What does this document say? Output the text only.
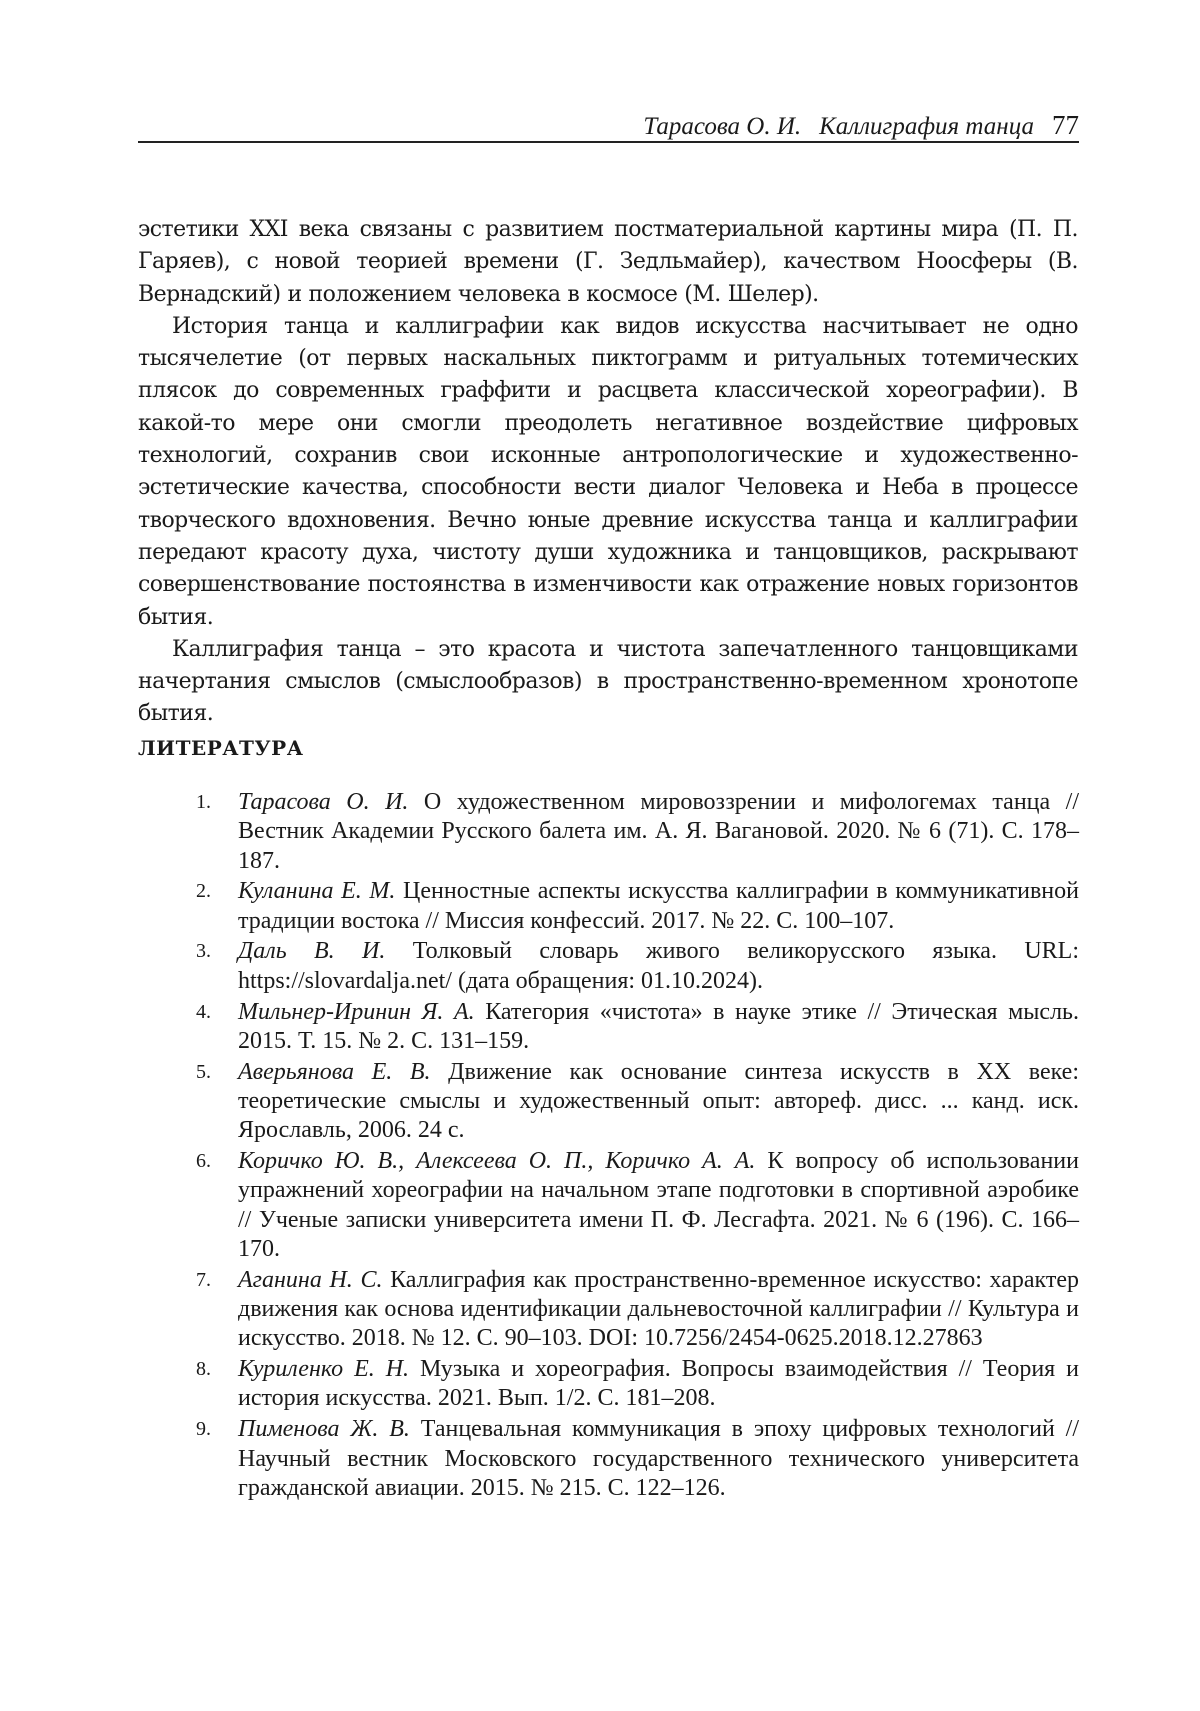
Тарасова О. И. Каллиграфия танца 77

эстетики XXI века связаны с развитием постматериальной картины мира (П. П. Гаряев), с новой теорией времени (Г. Зедльмайер), качеством Ноосферы (В. Вернадский) и положением человека в космосе (М. Шелер).

История танца и каллиграфии как видов искусства насчитывает не одно тысячелетие (от первых наскальных пиктограмм и ритуальных тотемических плясок до современных граффити и расцвета классической хореографии). В какой-то мере они смогли преодолеть негативное воздействие цифровых технологий, сохранив свои исконные антропологические и художественно-эстетические качества, способности вести диалог Человека и Неба в процессе творческого вдохновения. Вечно юные древние искусства танца и каллиграфии передают красоту духа, чистоту души художника и танцовщиков, раскрывают совершенствование постоянства в изменчивости как отражение новых горизонтов бытия.

Каллиграфия танца – это красота и чистота запечатленного танцовщиками начертания смыслов (смыслообразов) в пространственно-временном хронотопе бытия.

ЛИТЕРАТУРА
1. Тарасова О. И. О художественном мировоззрении и мифологемах танца // Вестник Академии Русского балета им. А. Я. Вагановой. 2020. № 6 (71). С. 178–187.
2. Куланина Е. М. Ценностные аспекты искусства каллиграфии в коммуникативной традиции востока // Миссия конфессий. 2017. № 22. С. 100–107.
3. Даль В. И. Толковый словарь живого великорусского языка. URL: https://slovardalja.net/ (дата обращения: 01.10.2024).
4. Мильнер-Иринин Я. А. Категория «чистота» в науке этике // Этическая мысль. 2015. Т. 15. № 2. С. 131–159.
5. Аверьянова Е. В. Движение как основание синтеза искусств в XX веке: теоретические смыслы и художественный опыт: автореф. дисс. ... канд. иск. Ярославль, 2006. 24 с.
6. Коричко Ю. В., Алексеева О. П., Коричко А. А. К вопросу об использовании упражнений хореографии на начальном этапе подготовки в спортивной аэробике // Ученые записки университета имени П. Ф. Лесгафта. 2021. № 6 (196). С. 166–170.
7. Аганина Н. С. Каллиграфия как пространственно-временное искусство: характер движения как основа идентификации дальневосточной каллиграфии // Культура и искусство. 2018. № 12. С. 90–103. DOI: 10.7256/2454-0625.2018.12.27863
8. Куриленко Е. Н. Музыка и хореография. Вопросы взаимодействия // Теория и история искусства. 2021. Вып. 1/2. С. 181–208.
9. Пименова Ж. В. Танцевальная коммуникация в эпоху цифровых технологий // Научный вестник Московского государственного технического университета гражданской авиации. 2015. № 215. С. 122–126.
